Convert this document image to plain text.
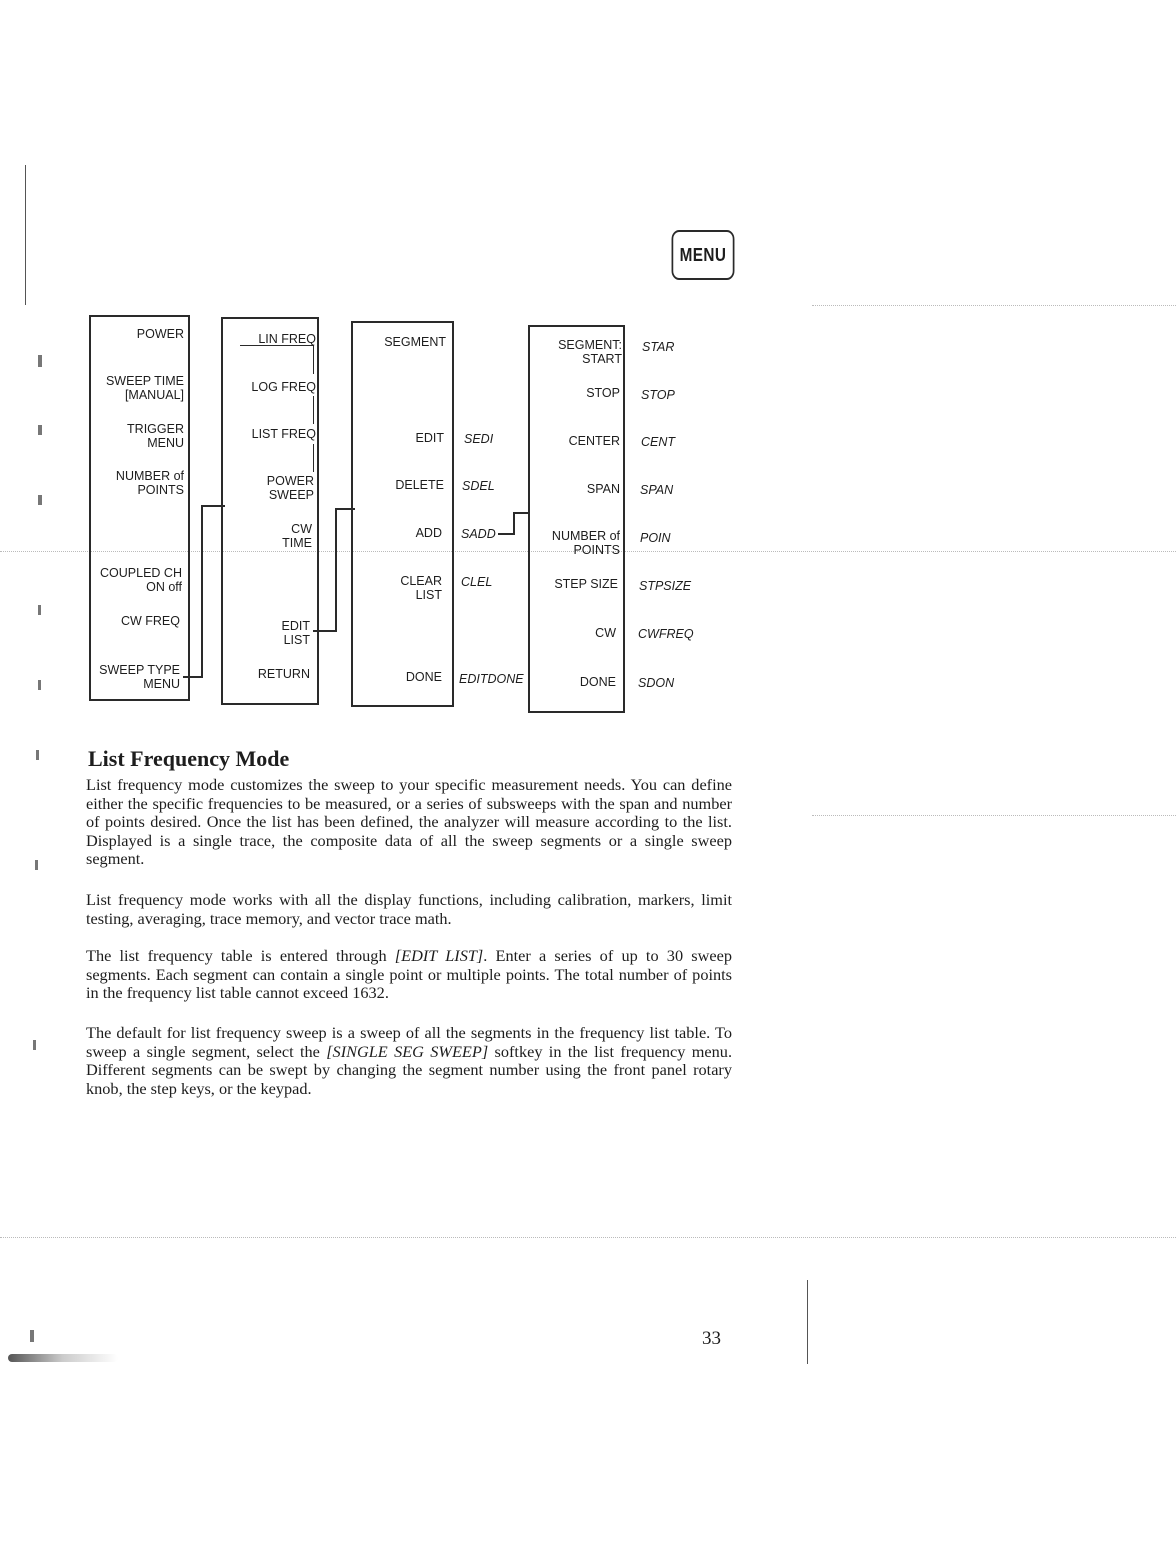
MENU
POWER
SWEEP TIME
[MANUAL]
TRIGGER
MENU
NUMBER of
POINTS
COUPLED CH
ON off
CW FREQ
SWEEP TYPE
MENU
LIN FREQ
LOG FREQ
LIST FREQ
POWER
SWEEP
CW
TIME
EDIT
LIST
RETURN
SEGMENT
EDIT
DELETE
ADD
CLEAR
LIST
DONE
SEDI
SDEL
SADD
CLEL
EDITDONE
SEGMENT:
START
STOP
CENTER
SPAN
NUMBER of
POINTS
STEP SIZE
CW
DONE
STAR
STOP
CENT
SPAN
POIN
STPSIZE
CWFREQ
SDON
List Frequency Mode

List frequency mode customizes the sweep to your specific measurement needs. You can define either the specific frequencies to be measured, or a series of subsweeps with the span and number of points desired. Once the list has been defined, the analyzer will measure according to the list. Displayed is a single trace, the composite data of all the sweep segments or a single sweep segment.

List frequency mode works with all the display functions, including calibration, markers, limit testing, averaging, trace memory, and vector trace math.

The list frequency table is entered through [EDIT LIST]. Enter a series of up to 30 sweep segments. Each segment can contain a single point or multiple points. The total number of points in the frequency list table cannot exceed 1632.

The default for list frequency sweep is a sweep of all the segments in the frequency list table. To sweep a single segment, select the [SINGLE SEG SWEEP] softkey in the list frequency menu. Different segments can be swept by changing the segment number using the front panel rotary knob, the step keys, or the keypad.

33
